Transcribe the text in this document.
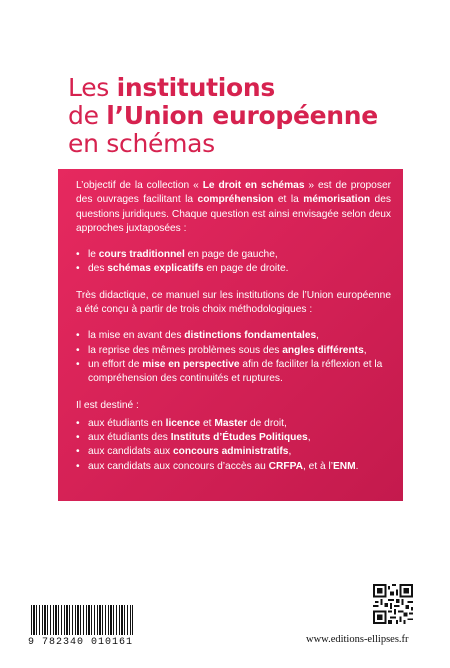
Les institutions
de l’Union européenne
en schémas

L’objectif de la collection « Le droit en schémas » est de proposer des ouvrages facilitant la compréhension et la mémorisation des questions juridiques. Chaque question est ainsi envisagée selon deux approches juxtaposées :

• le cours traditionnel en page de gauche,
• des schémas explicatifs en page de droite.

Très didactique, ce manuel sur les institutions de l’Union européenne a été conçu à partir de trois choix méthodologiques :

• la mise en avant des distinctions fondamentales,
• la reprise des mêmes problèmes sous des angles différents,
• un effort de mise en perspective afin de faciliter la réflexion et la compréhension des continuités et ruptures.

Il est destiné :

• aux étudiants en licence et Master de droit,
• aux étudiants des Instituts d’Études Politiques,
• aux candidats aux concours administratifs,
• aux candidats aux concours d’accès au CRFPA, et à l’ENM.
9 782340 010161	www.editions-ellipses.fr
